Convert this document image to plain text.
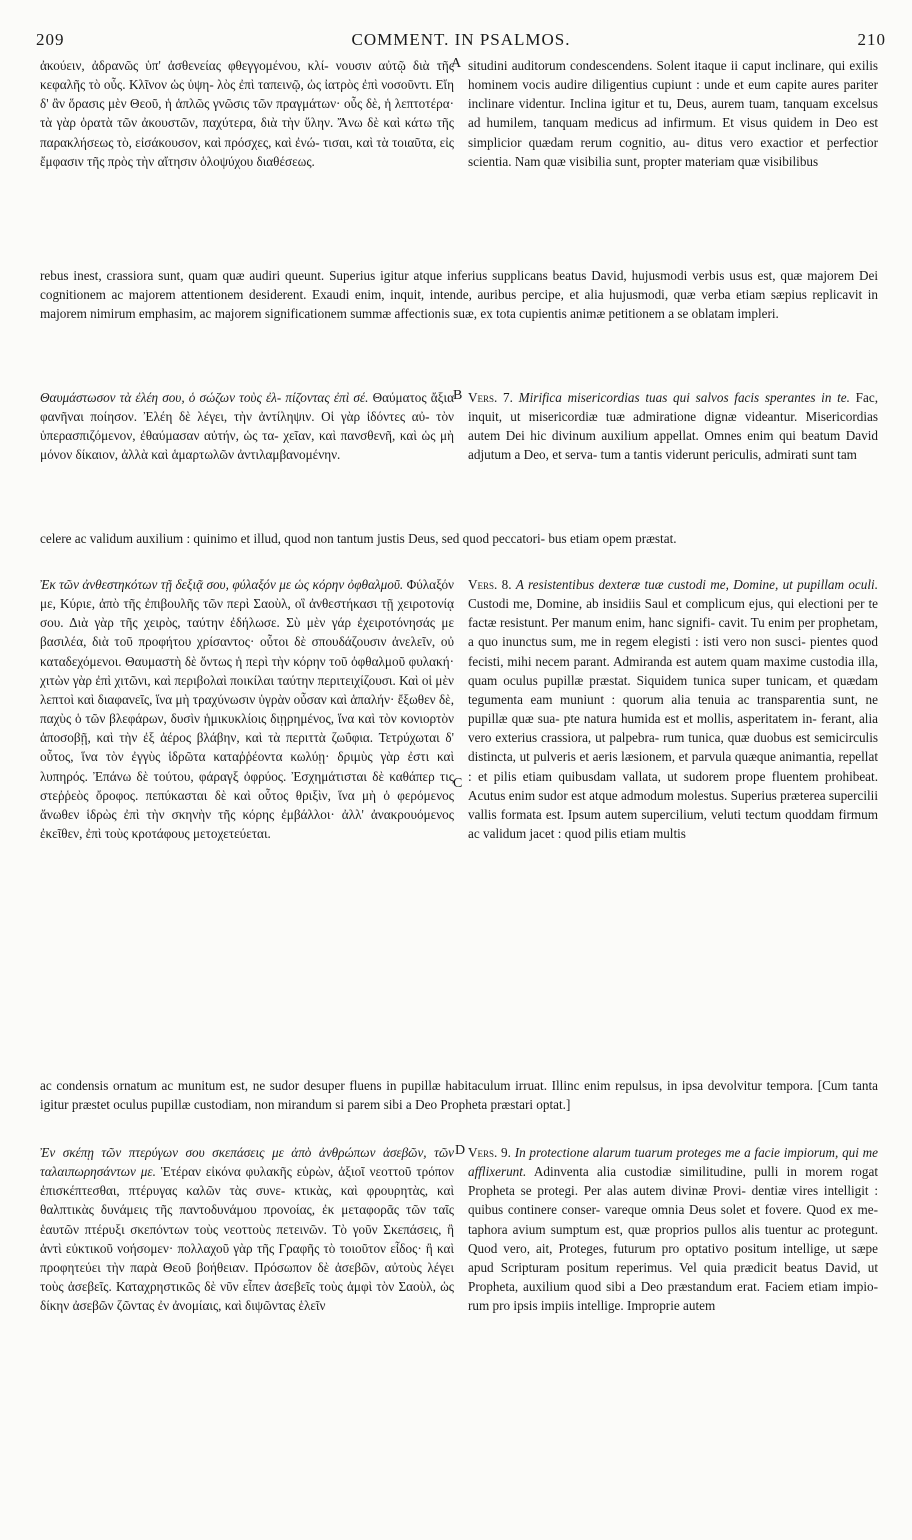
209	COMMENT. IN PSALMOS.	210

ἀκούειν, ἀδρανῶς ὑπ' ἀσθενείας φθεγγομένου, κλί- νουσιν αὐτῷ διὰ τῆς κεφαλῆς τὸ οὖς. Κλῖνον ὡς ὑψη- λὸς ἐπὶ ταπεινῷ, ὡς ἰατρὸς ἐπὶ νοσοῦντι. Εἴη δ' ἂν ὅρασις μὲν Θεοῦ, ἡ ἁπλῶς γνῶσις τῶν πραγμάτων· οὖς δὲ, ἡ λεπτοτέρα· τὰ γὰρ ὁρατὰ τῶν ἀκουστῶν, παχύτερα, διὰ τὴν ὕλην. Ἄνω δὲ καὶ κάτω τῆς παρακλήσεως τὸ, εἰσάκουσον, καὶ πρόσχες, καὶ ἐνώ- τισαι, καὶ τὰ τοιαῦτα, εἰς ἔμφασιν τῆς πρὸς τὴν αἴτησιν ὁλοψύχου διαθέσεως.

A situdini auditorum condescendens. Solent itaque ii caput inclinare, qui exilis hominem vocis audire diligentius cupiunt : unde et eum capite aures pariter inclinare videntur. Inclina igitur et tu, Deus, aurem tuam, tanquam excelsus ad humilem, tanquam medicus ad infirmum. Et visus quidem in Deo est simplicior quædam rerum cognitio, au- ditus vero exactior et perfectior scientia. Nam quæ visibilia sunt, propter materiam quæ visibilibus

rebus inest, crassiora sunt, quam quæ audiri queunt. Superius igitur atque inferius supplicans beatus David, hujusmodi verbis usus est, quæ majorem Dei cognitionem ac majorem attentionem desiderent. Exaudi enim, inquit, intende, auribus percipe, et alia hujusmodi, quæ verba etiam sæpius replicavit in majorem nimirum emphasim, ac majorem significationem summæ affectionis suæ, ex tota cupientis animæ petitionem a se oblatam impleri.

Θαυμάστωσον τὰ ἐλέη σου, ὁ σώζων τοὺς ἐλ- πίζοντας ἐπὶ σέ. Θαύματος ἄξια φανῆναι ποίησον. Ἐλέη δὲ λέγει, τὴν ἀντίληψιν. Οἱ γὰρ ἰδόντες αὐ- τὸν ὑπερασπιζόμενον, ἐθαύμασαν αὐτήν, ὡς τα- χεῖαν, καὶ πανσθενῆ, καὶ ὡς μὴ μόνον δίκαιον, ἀλλὰ καὶ ἁμαρτωλῶν ἀντιλαμβανομένην.

B Vers. 7. Mirifica misericordias tuas qui salvos facis sperantes in te. Fac, inquit, ut misericordiæ tuæ admiratione dignæ videantur. Misericordias autem Dei hic divinum auxilium appellat. Omnes enim qui beatum David adjutum a Deo, et serva- tum a tantis viderunt periculis, admirati sunt tam

celere ac validum auxilium : quinimo et illud, quod non tantum justis Deus, sed quod peccatori- bus etiam opem præstat.

Ἐκ τῶν ἀνθεστηκότων τῇ δεξιᾷ σου, φύλαξόν με ὡς κόρην ὀφθαλμοῦ. Φύλαξόν με, Κύριε, ἀπὸ τῆς ἐπιβουλῆς τῶν περὶ Σαοὺλ, οἳ ἀνθεστήκασι τῇ χειροτονίᾳ σου. Διὰ γὰρ τῆς χειρὸς, ταύτην ἐδήλωσε. Σὺ μὲν γάρ ἐχειροτόνησάς με βασιλέα, διὰ τοῦ προφήτου χρίσαντος· οὗτοι δὲ σπουδάζουσιν ἀνελεῖν, οὐ καταδεχόμενοι. Θαυμαστὴ δὲ ὄντως ἡ περὶ τὴν κόρην τοῦ ὀφθαλμοῦ φυλακή· χιτὼν γὰρ ἐπὶ χιτῶνι, καὶ περιβολαὶ ποικίλαι ταύτην περιτειχίζουσι. Καὶ οἱ μὲν λεπτοὶ καὶ διαφανεῖς, ἵνα μὴ τραχύνωσιν ὑγρὰν οὖσαν καὶ ἁπαλήν· ἔξωθεν δὲ, παχὺς ὁ τῶν βλεφάρων, δυσὶν ἡμικυκλίοις διῃρημένος, ἵνα καὶ τὸν κονιορτὸν ἀποσοβῇ, καὶ τὴν ἐξ ἀέρος βλάβην, καὶ τὰ περιττὰ ζωΰφια. Τετρύχωται δ' οὗτος, ἵνα τὸν ἐγγὺς ἱδρῶτα καταῤῥέοντα κωλύῃ· δριμὺς γὰρ ἐστι καὶ λυπηρός. Ἐπάνω δὲ τούτου, φάραγξ ὀφρύος. Ἐσχημάτισται δὲ καθάπερ τις στεῤῥεὸς ὄροφος. πεπύκασται δὲ καὶ οὗτος θριξὶν, ἵνα μὴ ὁ φερόμενος ἄνωθεν ἱδρὼς ἐπὶ τὴν σκηνὴν τῆς κόρης ἐμβάλλοι· ἀλλ' ἀνακρουόμενος ἐκεῖθεν, ἐπὶ τοὺς κροτάφους μετοχετεύεται.

C

Vers. 8. A resistentibus dexteræ tuæ custodi me, Domine, ut pupillam oculi. Custodi me, Domine, ab insidiis Saul et complicum ejus, qui electioni per te factæ resistunt. Per manum enim, hanc signifi- cavit. Tu enim per prophetam, a quo inunctus sum, me in regem elegisti : isti vero non susci- pientes quod fecisti, mihi necem parant. Admiranda est autem quam maxime custodia illa, quam oculus pupillæ præstat. Siquidem tunica super tunicam, et quædam tegumenta eam muniunt : quorum alia tenuia ac transparentia sunt, ne pupillæ quæ sua- pte natura humida est et mollis, asperitatem in- ferant, alia vero exterius crassiora, ut palpebra- rum tunica, quæ duobus est semicirculis distincta, ut pulveris et aeris læsionem, et parvula quæque animantia, repellat : et pilis etiam quibusdam vallata, ut sudorem prope fluentem prohibeat. Acutus enim sudor est atque admodum molestus. Superius præterea supercilii vallis formata est. Ipsum autem supercilium, veluti tectum quoddam firmum ac validum jacet : quod pilis etiam multis

ac condensis ornatum ac munitum est, ne sudor desuper fluens in pupillæ habitaculum irruat. Illinc enim repulsus, in ipsa devolvitur tempora. [Cum tanta igitur præstet oculus pupillæ custodiam, non mirandum si parem sibi a Deo Propheta præstari optat.]

Ἐν σκέπῃ τῶν πτερύγων σου σκεπάσεις με ἀπὸ ἀνθρώπων ἀσεβῶν, τῶν ταλαιπωρησάντων με. Ἑτέραν εἰκόνα φυλακῆς εὑρὼν, ἀξιοῖ νεοττοῦ τρόπον ἐπισκέπτεσθαι, πτέρυγας καλῶν τὰς συνε- κτικὰς, καὶ φρουρητὰς, καὶ θαλπτικὰς δυνάμεις τῆς παντοδυνάμου προνοίας, ἐκ μεταφορᾶς τῶν ταῖς ἑαυτῶν πτέρυξι σκεπόντων τοὺς νεοττοὺς πετεινῶν. Τὸ γοῦν Σκεπάσεις, ἢ ἀντὶ εὐκτικοῦ νοήσομεν· πολλαχοῦ γὰρ τῆς Γραφῆς τὸ τοιοῦτον εἶδος· ἢ καὶ προφητεύει τὴν παρὰ Θεοῦ βοήθειαν. Πρόσωπον δὲ ἀσεβῶν, αὐτοὺς λέγει τοὺς ἀσεβεῖς. Καταχρηστικῶς δὲ νῦν εἶπεν ἀσεβεῖς τοὺς ἀμφὶ τὸν Σαοὺλ, ὡς δίκην ἀσεβῶν ζῶντας ἐν ἀνομίαις, καὶ διψῶντας ἑλεῖν

D Vers. 9. In protectione alarum tuarum proteges me a facie impiorum, qui me afflixerunt. Adinventa alia custodiæ similitudine, pulli in morem rogat Propheta se protegi. Per alas autem divinæ Provi- dentiæ vires intelligit : quibus continere conser- vareque omnia Deus solet et fovere. Quod ex me- taphora avium sumptum est, quæ proprios pullos alis tuentur ac protegunt. Quod vero, ait, Proteges, futurum pro optativo positum intellige, ut sæpe apud Scripturam positum reperimus. Vel quia prædicit beatus David, ut Propheta, auxilium quod sibi a Deo præstandum erat. Faciem etiam impio- rum pro ipsis impiis intellige. Improprie autem
